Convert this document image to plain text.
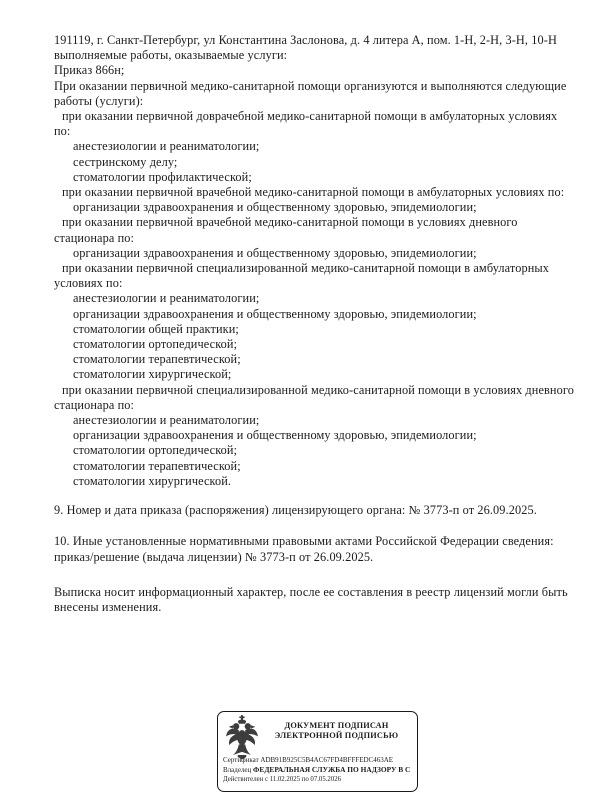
191119, г. Санкт-Петербург, ул Константина Заслонова, д. 4 литера А, пом. 1-Н, 2-Н, 3-Н, 10-Н
выполняемые работы, оказываемые услуги:
Приказ 866н;
При оказании первичной медико-санитарной помощи организуются и выполняются следующие
работы (услуги):
при оказании первичной доврачебной медико-санитарной помощи в амбулаторных условиях
по:
анестезиологии и реаниматологии;
сестринскому делу;
стоматологии профилактической;
при оказании первичной врачебной медико-санитарной помощи в амбулаторных условиях по:
организации здравоохранения и общественному здоровью, эпидемиологии;
при оказании первичной врачебной медико-санитарной помощи в условиях дневного
стационара по:
организации здравоохранения и общественному здоровью, эпидемиологии;
при оказании первичной специализированной медико-санитарной помощи в амбулаторных
условиях по:
анестезиологии и реаниматологии;
организации здравоохранения и общественному здоровью, эпидемиологии;
стоматологии общей практики;
стоматологии ортопедической;
стоматологии терапевтической;
стоматологии хирургической;
при оказании первичной специализированной медико-санитарной помощи в условиях дневного
стационара по:
анестезиологии и реаниматологии;
организации здравоохранения и общественному здоровью, эпидемиологии;
стоматологии ортопедической;
стоматологии терапевтической;
стоматологии хирургической.
9. Номер и дата приказа (распоряжения) лицензирующего органа: № 3773-п от 26.09.2025.
10. Иные установленные нормативными правовыми актами Российской Федерации сведения:
приказ/решение (выдача лицензии) № 3773-п от 26.09.2025.
Выписка носит информационный характер, после ее составления в реестр лицензий могли быть
внесены изменения.
ДОКУМЕНТ ПОДПИСАН
ЭЛЕКТРОННОЙ ПОДПИСЬЮ
Сертификат ADB91B925C5B4AC67FD4BFFFEDC463AE
Владелец ФЕДЕРАЛЬНАЯ СЛУЖБА ПО НАДЗОРУ В С
Действителен с 11.02.2025 по 07.05.2026
